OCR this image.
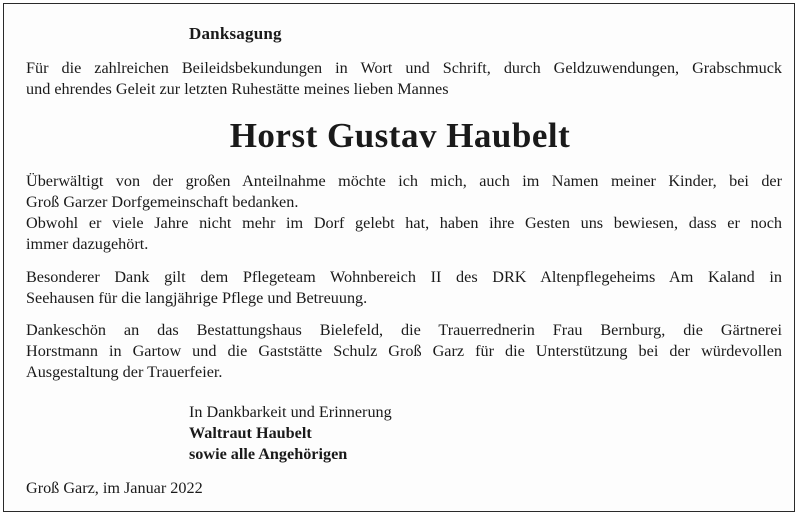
Danksagung
Für die zahlreichen Beileidsbekundungen in Wort und Schrift, durch Geldzuwendungen, Grabschmuck
und ehrendes Geleit zur letzten Ruhestätte meines lieben Mannes
Horst Gustav Haubelt
Überwältigt von der großen Anteilnahme möchte ich mich, auch im Namen meiner Kinder, bei der
Groß Garzer Dorfgemeinschaft bedanken.
Obwohl er viele Jahre nicht mehr im Dorf gelebt hat, haben ihre Gesten uns bewiesen, dass er noch
immer dazugehört.
Besonderer Dank gilt dem Pflegeteam Wohnbereich II des DRK Altenpflegeheims Am Kaland in
Seehausen für die langjährige Pflege und Betreuung.
Dankeschön an das Bestattungshaus Bielefeld, die Trauerrednerin Frau Bernburg, die Gärtnerei
Horstmann in Gartow und die Gaststätte Schulz Groß Garz für die Unterstützung bei der würdevollen
Ausgestaltung der Trauerfeier.
In Dankbarkeit und Erinnerung
Waltraut Haubelt
sowie alle Angehörigen
Groß Garz, im Januar 2022
